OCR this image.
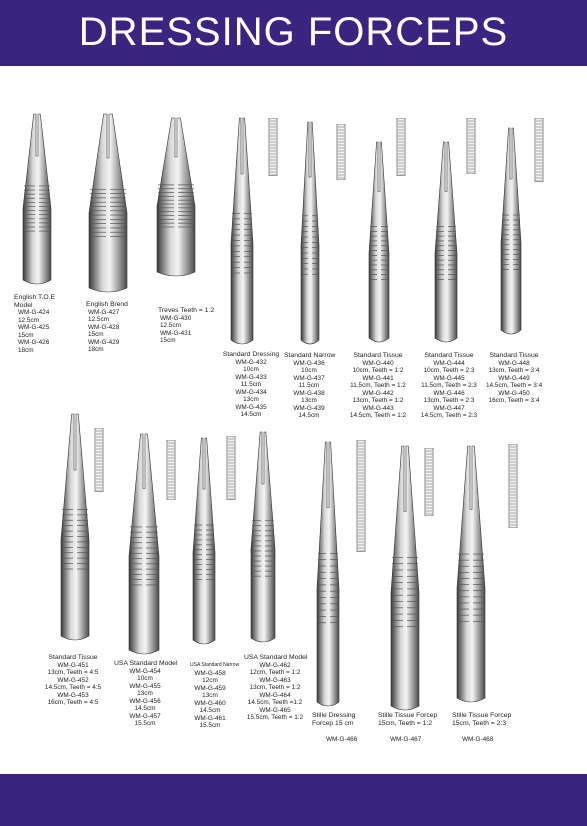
DRESSING FORCEPS
English T.O.E
Model
WM-G-424
12.5cm
WM-G-425
15cm
WM-G-426
18cm
English B/end
WM-G-427
12.5cm
WM-G-428
15cm
WM-G-429
18cm
Treves Teeth = 1:2
WM-G-430
12.5cm
WM-G-431
15cm
Standard Dressing
WM-G-432
10cm
WM-G-433
11.5cm
WM-G-434
13cm
WM-G-435
14.5cm
Standard Narrow
WM-G-436
10cm
WM-G-437
11.5cm
WM-G-438
13cm
WM-G-439
14.5cm
Standard Tissue
WM-G-440
10cm, Teeth = 1:2
WM-G-441
11.5cm, Teeth = 1:2
WM-G-442
13cm, Teeth = 1:2
WM-G-443
14.5cm, Teeth = 1:2
Standard Tissue
WM-G-444
10cm, Teeth = 2:3
WM-G-445
11.5cm, Teeth = 2:3
WM-G-446
13cm, Teeth = 2:3
WM-G-447
14.5cm, Teeth = 2:3
Standard Tissue
WM-G-448
13cm, Teeth = 3:4
WM-G-449
14.5cm, Teeth = 3:4
WM-G-450
16cm, Teeth = 3:4
Standard Tissue
WM-G-451
13cm, Teeth = 4:5
WM-G-452
14.5cm, Teeth = 4:5
WM-G-453
16cm, Teeth = 4:5
USA Standard Model
WM-G-454
10cm
WM-G-455
13cm
WM-G-456
14.5cm
WM-G-457
15.5cm
USA Standard Narrow
WM-G-458
12cm
WM-G-459
13cm
WM-G-460
14.5cm
WM-G-461
15.5cm
USA Standard Model
WM-G-462
12cm, Teeth = 1:2
WM-G-463
13cm, Teeth = 1:2
WM-G-464
14.5cm, Teeth =1:2
WM-G-465
15.5cm, Teeth = 1:2
WM-G-466
Stille Dressing
Forcep 15 cm
WM-G-467
Stille Tissue Forcep
15cm, Teeth = 1:2
WM-G-468
Stille Tissue Forcep
15cm, Teeth = 2:3
